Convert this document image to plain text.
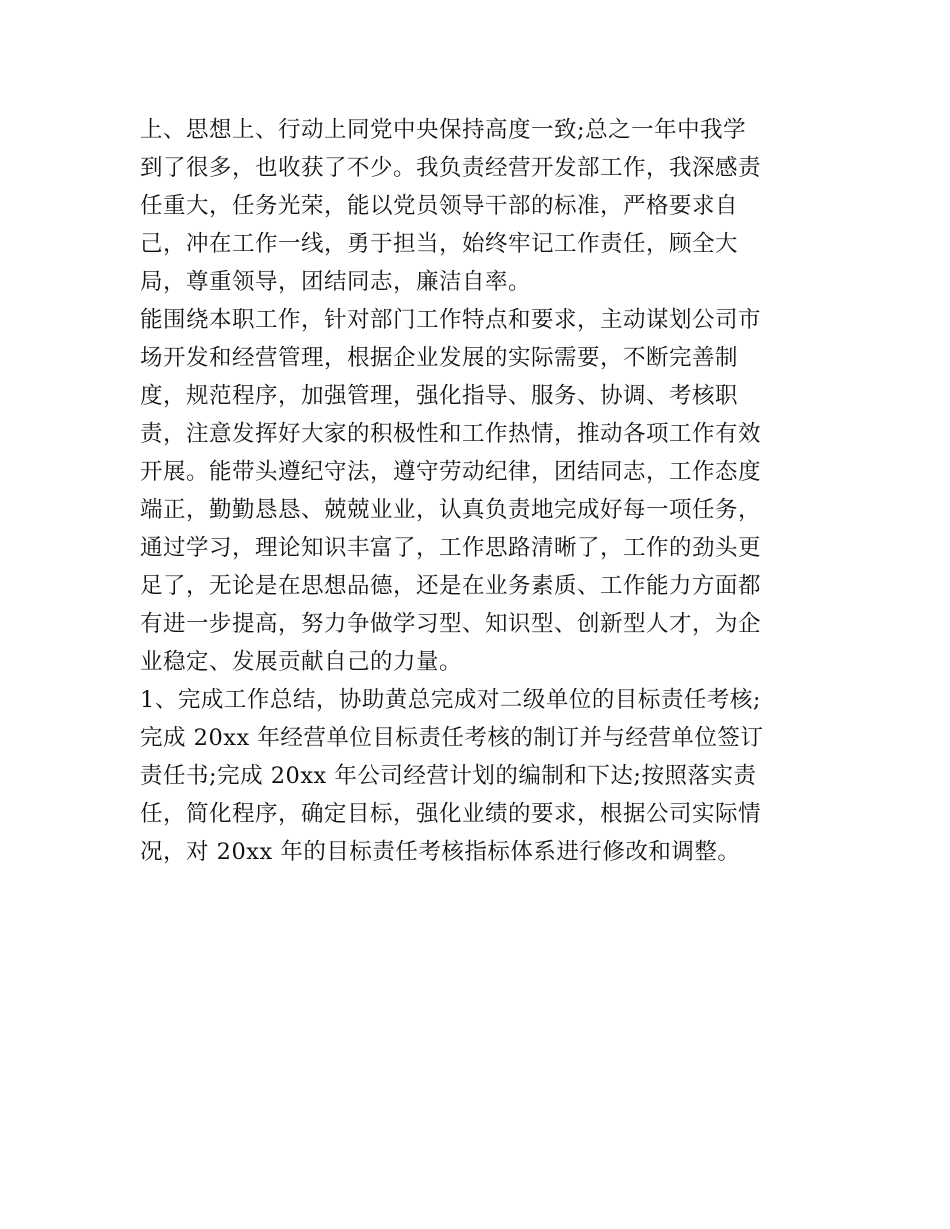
上、思想上、行动上同党中央保持高度一致;总之一年中我学
到了很多，也收获了不少。我负责经营开发部工作，我深感责
任重大，任务光荣，能以党员领导干部的标准，严格要求自
己，冲在工作一线，勇于担当，始终牢记工作责任，顾全大
局，尊重领导，团结同志，廉洁自率。
能围绕本职工作，针对部门工作特点和要求，主动谋划公司市
场开发和经营管理，根据企业发展的实际需要，不断完善制
度，规范程序，加强管理，强化指导、服务、协调、考核职
责，注意发挥好大家的积极性和工作热情，推动各项工作有效
开展。能带头遵纪守法，遵守劳动纪律，团结同志，工作态度
端正，勤勤恳恳、兢兢业业，认真负责地完成好每一项任务，
通过学习，理论知识丰富了，工作思路清晰了，工作的劲头更
足了，无论是在思想品德，还是在业务素质、工作能力方面都
有进一步提高，努力争做学习型、知识型、创新型人才，为企
业稳定、发展贡献自己的力量。
1、完成工作总结，协助黄总完成对二级单位的目标责任考核;
完成 20xx 年经营单位目标责任考核的制订并与经营单位签订
责任书;完成 20xx 年公司经营计划的编制和下达;按照落实责
任，简化程序，确定目标，强化业绩的要求，根据公司实际情
况，对 20xx 年的目标责任考核指标体系进行修改和调整。
